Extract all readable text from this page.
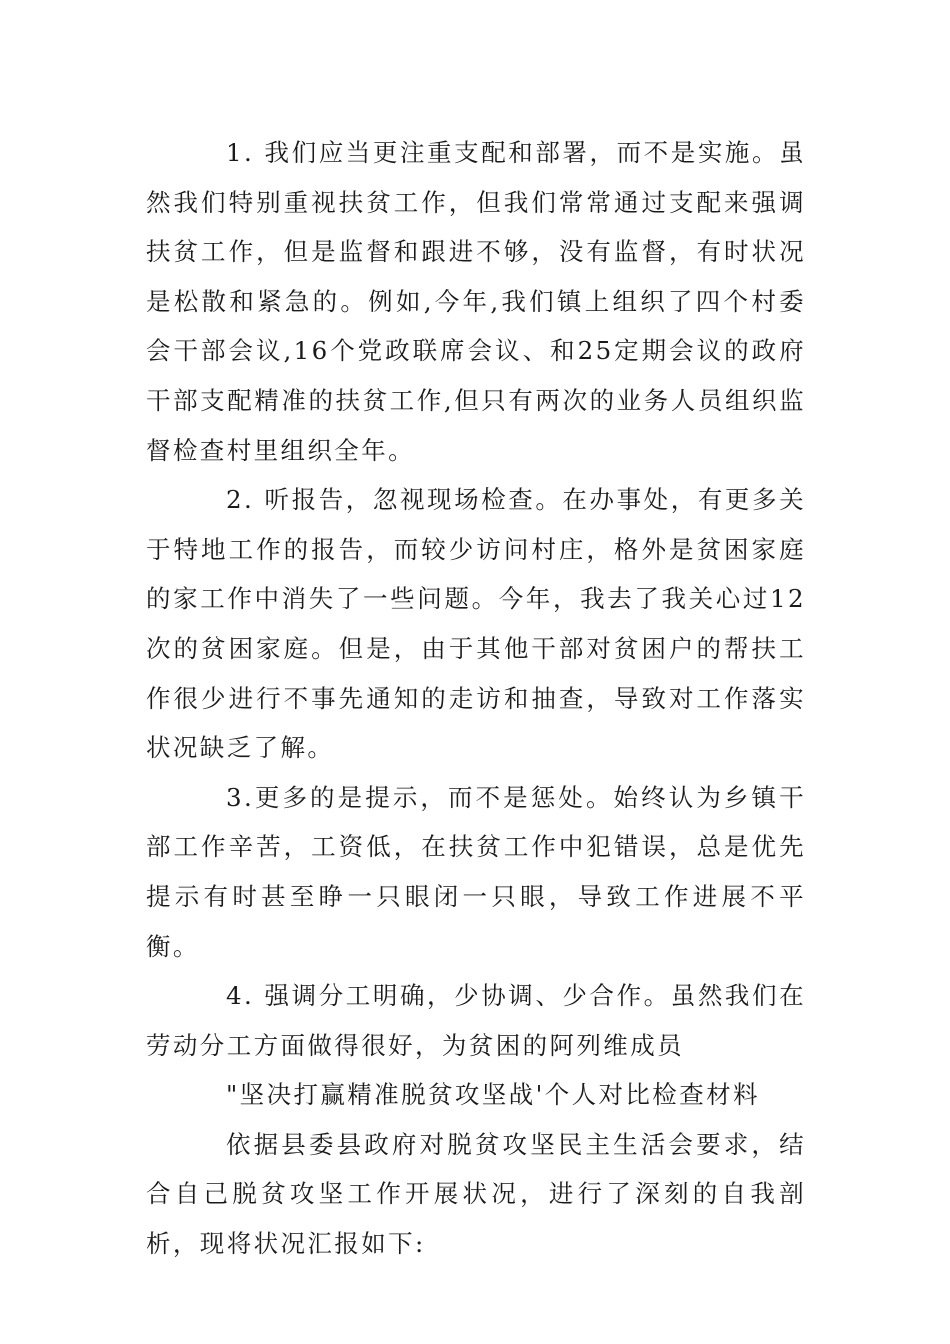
1. 我们应当更注重支配和部署，而不是实施。虽然我们特别重视扶贫工作，但我们常常通过支配来强调扶贫工作，但是监督和跟进不够，没有监督，有时状况是松散和紧急的。例如,今年,我们镇上组织了四个村委会干部会议,16个党政联席会议、和25定期会议的政府干部支配精准的扶贫工作,但只有两次的业务人员组织监督检查村里组织全年。

2. 听报告，忽视现场检查。在办事处，有更多关于特地工作的报告，而较少访问村庄，格外是贫困家庭的家工作中消失了一些问题。今年，我去了我关心过12次的贫困家庭。但是，由于其他干部对贫困户的帮扶工作很少进行不事先通知的走访和抽查，导致对工作落实状况缺乏了解。

3.更多的是提示，而不是惩处。始终认为乡镇干部工作辛苦，工资低，在扶贫工作中犯错误，总是优先提示有时甚至睁一只眼闭一只眼，导致工作进展不平衡。

4. 强调分工明确，少协调、少合作。虽然我们在劳动分工方面做得很好，为贫困的阿列维成员

"坚决打赢精准脱贫攻坚战'个人对比检查材料

依据县委县政府对脱贫攻坚民主生活会要求，结合自己脱贫攻坚工作开展状况，进行了深刻的自我剖析，现将状况汇报如下:
